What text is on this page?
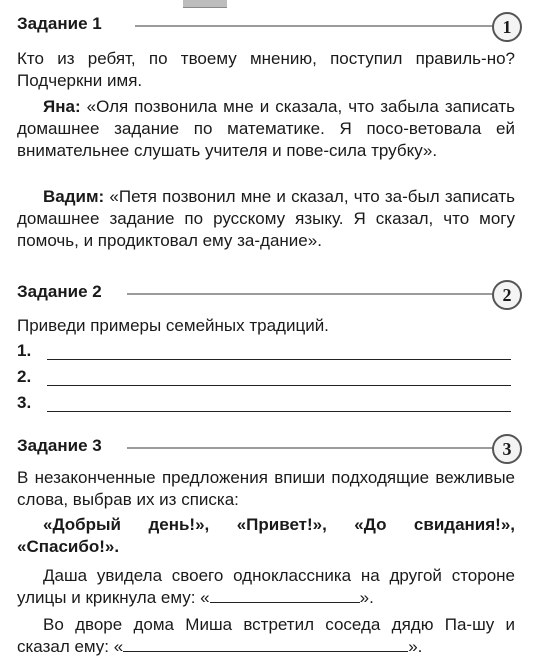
Задание 1	1

Кто из ребят, по твоему мнению, поступил правиль-но? Подчеркни имя.

Яна: «Оля позвонила мне и сказала, что забыла записать домашнее задание по математике. Я посо-ветовала ей внимательнее слушать учителя и пове-сила трубку».

Вадим: «Петя позвонил мне и сказал, что за-был записать домашнее задание по русскому языку. Я сказал, что могу помочь, и продиктовал ему за-дание».

Задание 2	2

Приведи примеры семейных традиций.

1.
2.
3.
Задание 3	3

В незаконченные предложения впиши подходящие вежливые слова, выбрав их из списка:

«Добрый день!», «Привет!», «До свидания!», «Спасибо!».

Даша увидела своего одноклассника на другой стороне улицы и крикнула ему: «	».

Во дворе дома Миша встретил соседа дядю Па-шу и сказал ему: «	».
